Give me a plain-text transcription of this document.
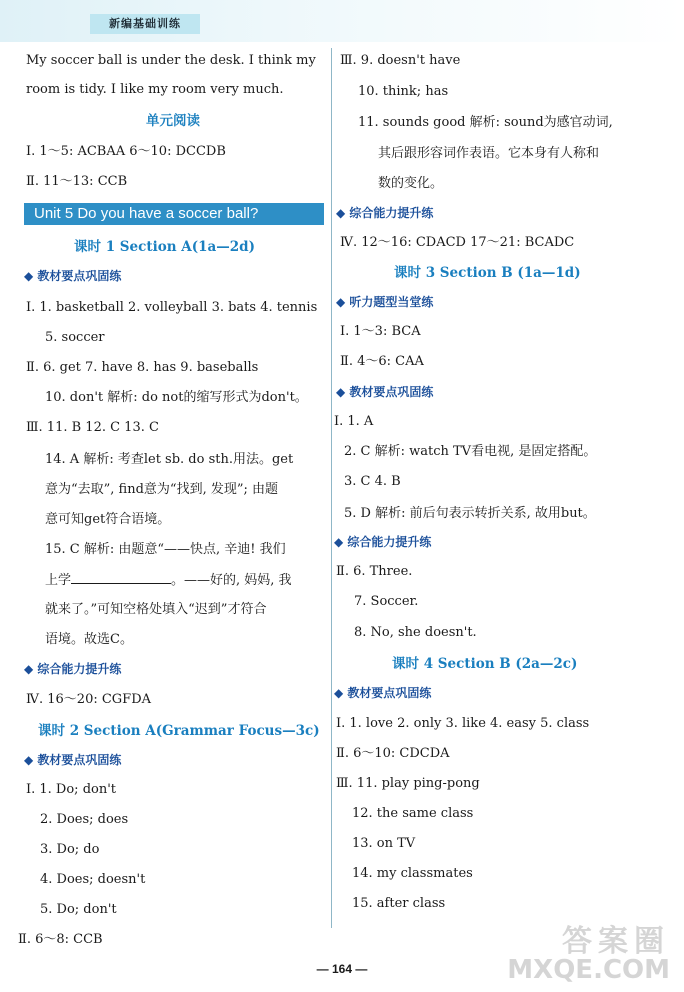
新编基础训练
My soccer ball is under the desk. I think my
room is tidy. I like my room very much.
单元阅读
Ⅰ. 1～5: ACBAA 6～10: DCCDB
Ⅱ. 11～13: CCB
Unit 5 Do you have a soccer ball?
课时 1 Section A(1a—2d)
◆ 教材要点巩固练
Ⅰ. 1. basketball 2. volleyball 3. bats 4. tennis
5. soccer
Ⅱ. 6. get 7. have 8. has 9. baseballs
10. don't 解析: do not的缩写形式为don't。
Ⅲ. 11. B 12. C 13. C
14. A 解析: 考查let sb. do sth.用法。get
意为“去取”, find意为“找到, 发现”; 由题
意可知get符合语境。
15. C 解析: 由题意“——快点, 辛迪! 我们
上学	。——好的, 妈妈, 我
就来了。”可知空格处填入“迟到”才符合
语境。故选C。
◆ 综合能力提升练
Ⅳ. 16～20: CGFDA
课时 2 Section A(Grammar Focus—3c)
◆ 教材要点巩固练
Ⅰ. 1. Do; don't
2. Does; does
3. Do; do
4. Does; doesn't
5. Do; don't
Ⅱ. 6～8: CCB
Ⅲ. 9. doesn't have
10. think; has
11. sounds good 解析: sound为感官动词,
其后跟形容词作表语。它本身有人称和
数的变化。
◆ 综合能力提升练
Ⅳ. 12～16: CDACD 17～21: BCADC
课时 3 Section B (1a—1d)
◆ 听力题型当堂练
Ⅰ. 1～3: BCA
Ⅱ. 4～6: CAA
◆ 教材要点巩固练
Ⅰ. 1. A
2. C 解析: watch TV看电视, 是固定搭配。
3. C 4. B
5. D 解析: 前后句表示转折关系, 故用but。
◆ 综合能力提升练
Ⅱ. 6. Three.
7. Soccer.
8. No, she doesn't.
课时 4 Section B (2a—2c)
◆ 教材要点巩固练
Ⅰ. 1. love 2. only 3. like 4. easy 5. class
Ⅱ. 6～10: CDCDA
Ⅲ. 11. play ping-pong
12. the same class
13. on TV
14. my classmates
15. after class
— 164 —
答案圈
MXQE.COM
